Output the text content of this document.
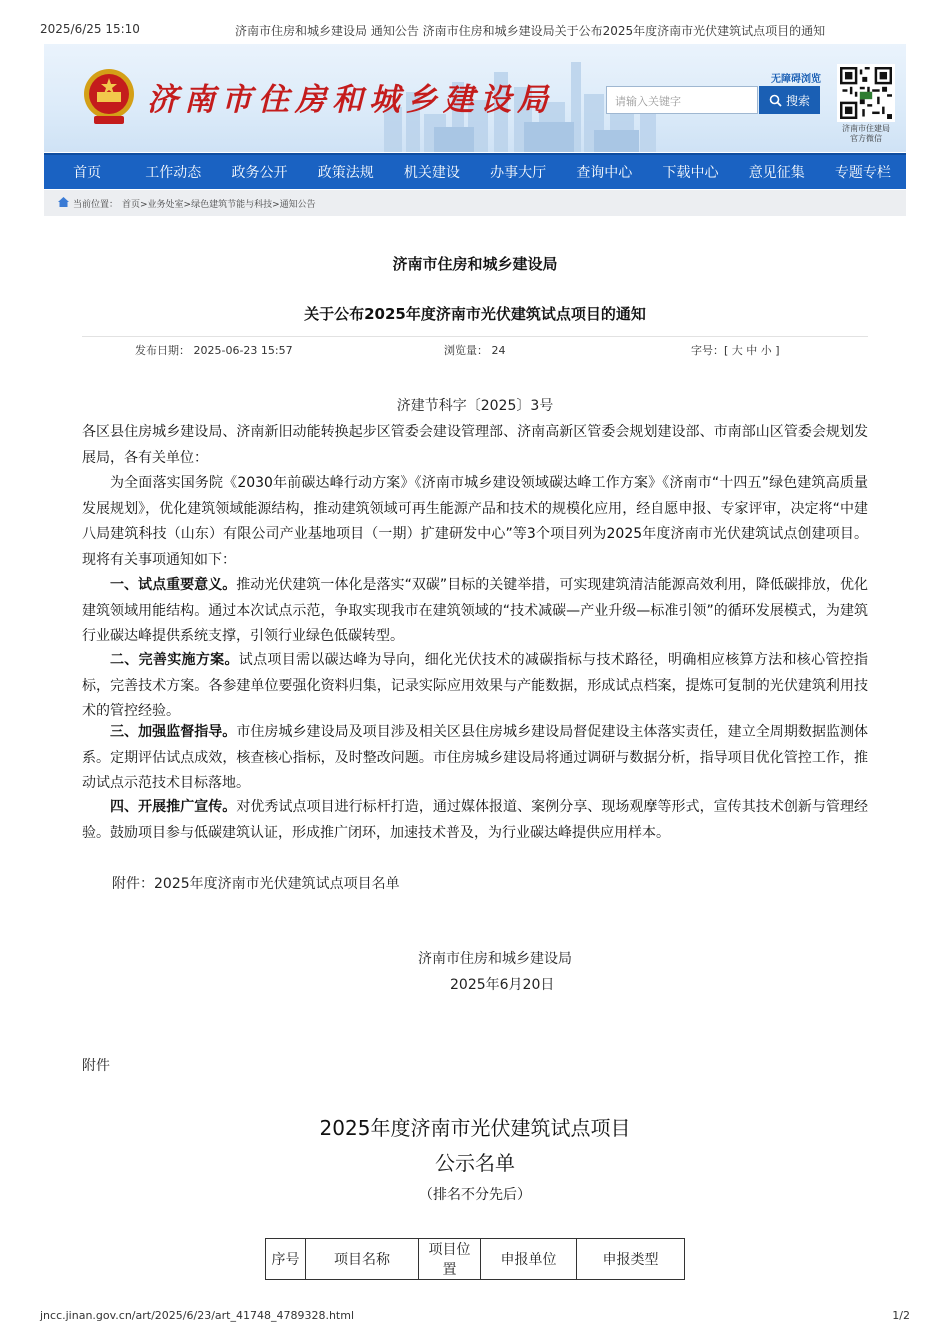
2025/6/25 15:10	济南市住房和城乡建设局 通知公告 济南市住房和城乡建设局关于公布2025年度济南市光伏建筑试点项目的通知
济南市住房和城乡建设局
无障碍浏览
请输入关键字	搜索
济南市住建局
官方微信
首页	工作动态	政务公开	政策法规	机关建设	办事大厅	查询中心	下载中心	意见征集	专题专栏
当前位置： 首页>业务处室>绿色建筑节能与科技>通知公告
济南市住房和城乡建设局
关于公布2025年度济南市光伏建筑试点项目的通知
发布日期： 2025-06-23 15:57	浏览量： 24	字号：[ 大 中 小 ]
济建节科字〔2025〕3号
各区县住房城乡建设局、济南新旧动能转换起步区管委会建设管理部、济南高新区管委会规划建设部、市南部山区管委会规划发展局，各有关单位：
为全面落实国务院《2030年前碳达峰行动方案》《济南市城乡建设领域碳达峰工作方案》《济南市“十四五”绿色建筑高质量发展规划》，优化建筑领域能源结构，推动建筑领域可再生能源产品和技术的规模化应用，经自愿申报、专家评审，决定将“中建八局建筑科技（山东）有限公司产业基地项目（一期）扩建研发中心”等3个项目列为2025年度济南市光伏建筑试点创建项目。现将有关事项通知如下：
一、试点重要意义。推动光伏建筑一体化是落实“双碳”目标的关键举措，可实现建筑清洁能源高效利用，降低碳排放，优化建筑领域用能结构。通过本次试点示范，争取实现我市在建筑领域的“技术减碳—产业升级—标准引领”的循环发展模式，为建筑行业碳达峰提供系统支撑，引领行业绿色低碳转型。
二、完善实施方案。试点项目需以碳达峰为导向，细化光伏技术的减碳指标与技术路径，明确相应核算方法和核心管控指标，完善技术方案。各参建单位要强化资料归集，记录实际应用效果与产能数据，形成试点档案，提炼可复制的光伏建筑利用技术的管控经验。
三、加强监督指导。市住房城乡建设局及项目涉及相关区县住房城乡建设局督促建设主体落实责任，建立全周期数据监测体系。定期评估试点成效，核查核心指标，及时整改问题。市住房城乡建设局将通过调研与数据分析，指导项目优化管控工作，推动试点示范技术目标落地。
四、开展推广宣传。对优秀试点项目进行标杆打造，通过媒体报道、案例分享、现场观摩等形式，宣传其技术创新与管理经验。鼓励项目参与低碳建筑认证，形成推广闭环，加速技术普及，为行业碳达峰提供应用样本。
附件：2025年度济南市光伏建筑试点项目名单
济南市住房和城乡建设局
2025年6月20日
附件
2025年度济南市光伏建筑试点项目
公示名单
（排名不分先后）
序号	项目名称	项目位置	申报单位	申报类型
jncc.jinan.gov.cn/art/2025/6/23/art_41748_4789328.html	1/2
